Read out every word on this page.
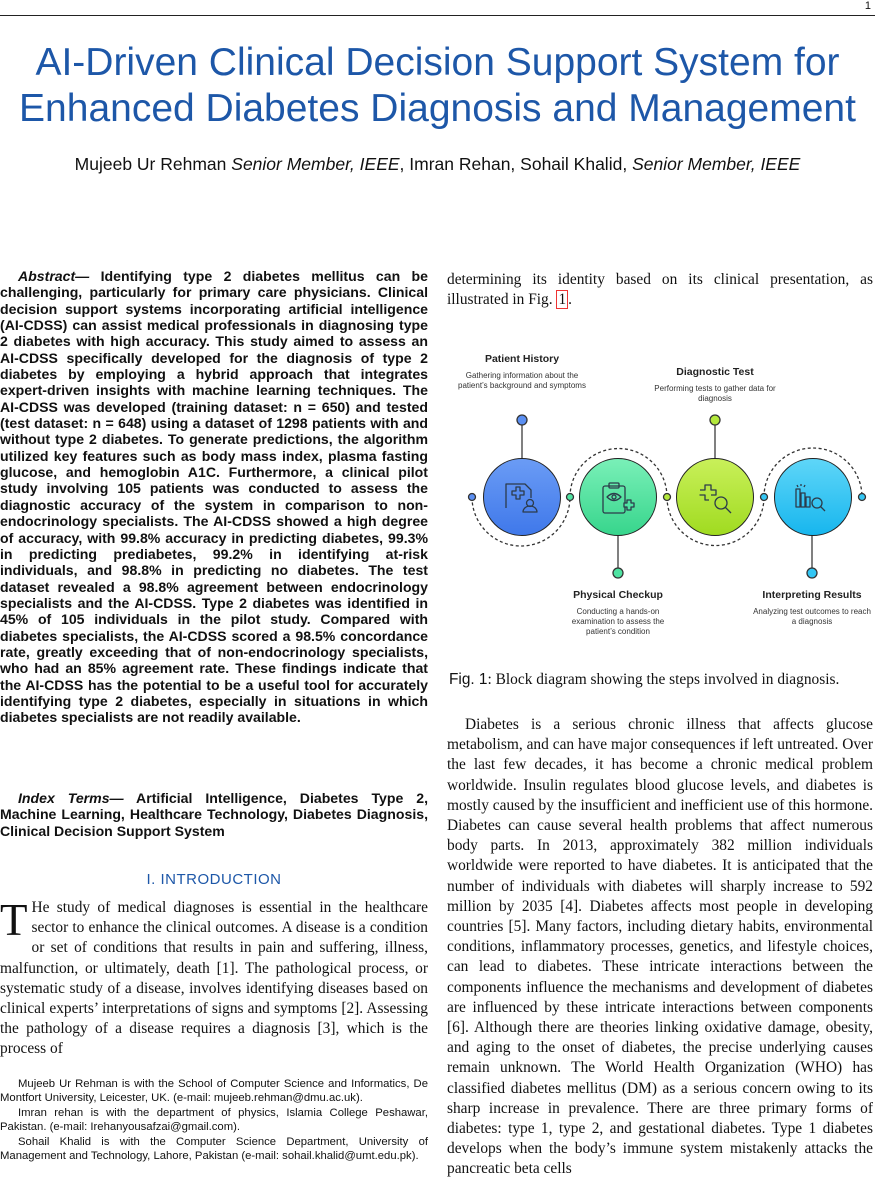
1
AI-Driven Clinical Decision Support System for Enhanced Diabetes Diagnosis and Management
Mujeeb Ur Rehman Senior Member, IEEE, Imran Rehan, Sohail Khalid, Senior Member, IEEE

Abstract— Identifying type 2 diabetes mellitus can be challenging, particularly for primary care physicians. Clinical decision support systems incorporating artificial intelligence (AI-CDSS) can assist medical professionals in diagnosing type 2 diabetes with high accuracy. This study aimed to assess an AI-CDSS specifically developed for the diagnosis of type 2 diabetes by employing a hybrid approach that integrates expert-driven insights with machine learning techniques. The AI-CDSS was developed (training dataset: n = 650) and tested (test dataset: n = 648) using a dataset of 1298 patients with and without type 2 diabetes. To generate predictions, the algorithm utilized key features such as body mass index, plasma fasting glucose, and hemoglobin A1C. Furthermore, a clinical pilot study involving 105 patients was conducted to assess the diagnostic accuracy of the system in comparison to non-endocrinology specialists. The AI-CDSS showed a high degree of accuracy, with 99.8% accuracy in predicting diabetes, 99.3% in predicting prediabetes, 99.2% in identifying at-risk individuals, and 98.8% in predicting no diabetes. The test dataset revealed a 98.8% agreement between endocrinology specialists and the AI-CDSS. Type 2 diabetes was identified in 45% of 105 individuals in the pilot study. Compared with diabetes specialists, the AI-CDSS scored a 98.5% concordance rate, greatly exceeding that of non-endocrinology specialists, who had an 85% agreement rate. These findings indicate that the AI-CDSS has the potential to be a useful tool for accurately identifying type 2 diabetes, especially in situations in which diabetes specialists are not readily available.

Index Terms— Artificial Intelligence, Diabetes Type 2, Machine Learning, Healthcare Technology, Diabetes Diagnosis, Clinical Decision Support System
I. INTRODUCTION
T He study of medical diagnoses is essential in the healthcare sector to enhance the clinical outcomes. A disease is a condition or set of conditions that results in pain and suffering, illness, malfunction, or ultimately, death [1]. The pathological process, or systematic study of a disease, involves identifying diseases based on clinical experts’ interpretations of signs and symptoms [2]. Assessing the pathology of a disease requires a diagnosis [3], which is the process of

Mujeeb Ur Rehman is with the School of Computer Science and Informatics, De Montfort University, Leicester, UK. (e-mail: mujeeb.rehman@dmu.ac.uk).

Imran rehan is with the department of physics, Islamia College Peshawar, Pakistan. (e-mail: Irehanyousafzai@gmail.com).

Sohail Khalid is with the Computer Science Department, University of Management and Technology, Lahore, Pakistan (e-mail: sohail.khalid@umt.edu.pk).

determining its identity based on its clinical presentation, as illustrated in Fig. 1 .
Patient History
Gathering information about the patient’s background and symptoms
Diagnostic Test
Performing tests to gather data for diagnosis
Physical Checkup
Conducting a hands-on examination to assess the patient’s condition
Interpreting Results
Analyzing test outcomes to reach a diagnosis
Fig. 1: Block diagram showing the steps involved in diagnosis.
Diabetes is a serious chronic illness that affects glucose metabolism, and can have major consequences if left untreated. Over the last few decades, it has become a chronic medical problem worldwide. Insulin regulates blood glucose levels, and diabetes is mostly caused by the insufficient and inefficient use of this hormone. Diabetes can cause several health problems that affect numerous body parts. In 2013, approximately 382 million individuals worldwide were reported to have diabetes. It is anticipated that the number of individuals with diabetes will sharply increase to 592 million by 2035 [4]. Diabetes affects most people in developing countries [5]. Many factors, including dietary habits, environmental conditions, inflammatory processes, genetics, and lifestyle choices, can lead to diabetes. These intricate interactions between the components influence the mechanisms and development of diabetes are influenced by these intricate interactions between components [6]. Although there are theories linking oxidative damage, obesity, and aging to the onset of diabetes, the precise underlying causes remain unknown. The World Health Organization (WHO) has classified diabetes mellitus (DM) as a serious concern owing to its sharp increase in prevalence. There are three primary forms of diabetes: type 1, type 2, and gestational diabetes. Type 1 diabetes develops when the body’s immune system mistakenly attacks the pancreatic beta cells
